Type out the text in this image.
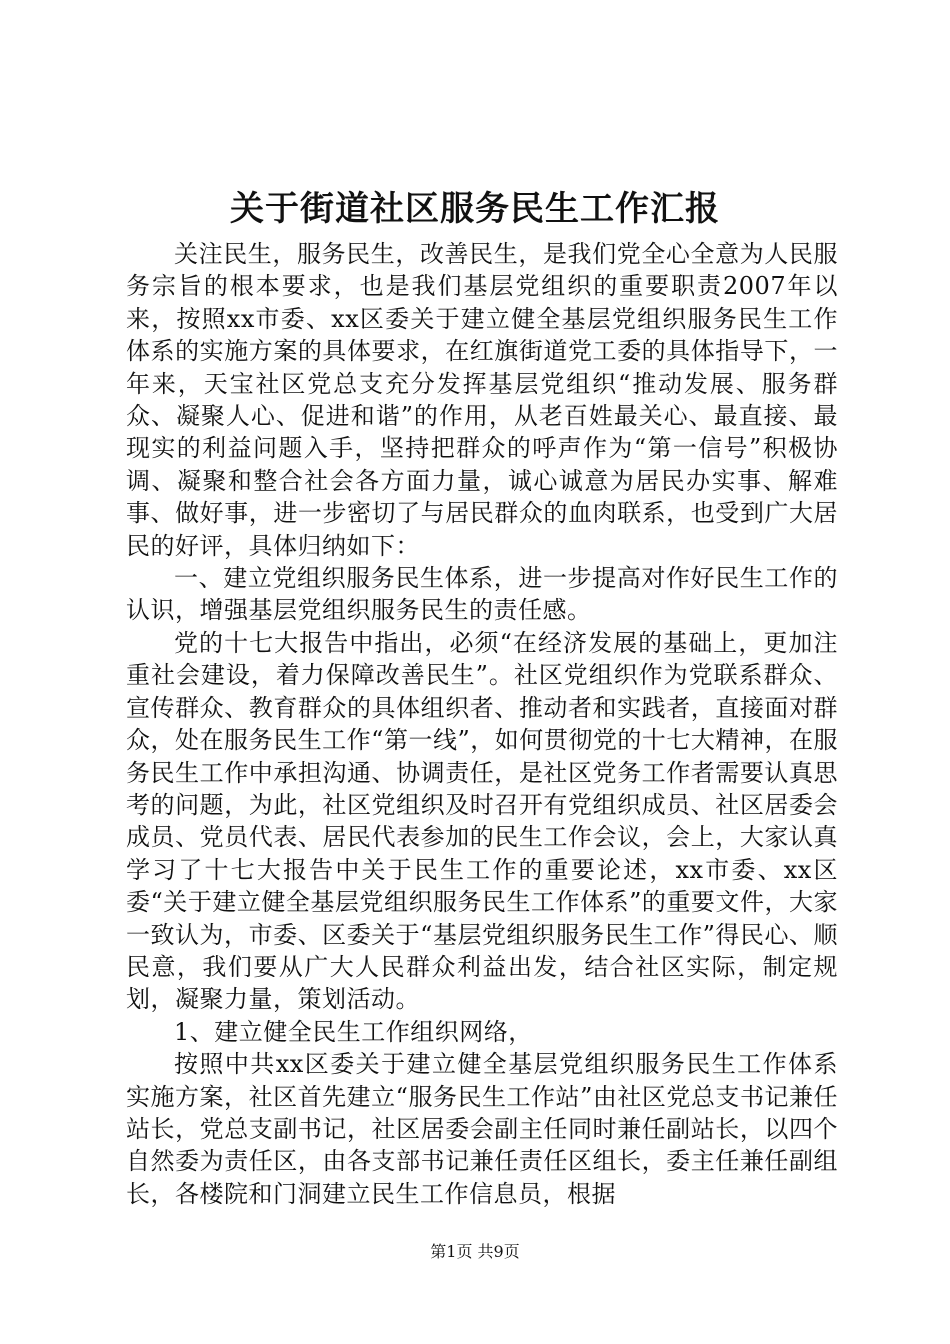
关于街道社区服务民生工作汇报

关注民生，服务民生，改善民生，是我们党全心全意为人民服务宗旨的根本要求，也是我们基层党组织的重要职责2007年以来，按照xx市委、xx区委关于建立健全基层党组织服务民生工作体系的实施方案的具体要求，在红旗街道党工委的具体指导下，一年来，天宝社区党总支充分发挥基层党组织“推动发展、服务群众、凝聚人心、促进和谐”的作用，从老百姓最关心、最直接、最现实的利益问题入手，坚持把群众的呼声作为“第一信号”积极协调、凝聚和整合社会各方面力量，诚心诚意为居民办实事、解难事、做好事，进一步密切了与居民群众的血肉联系，也受到广大居民的好评，具体归纳如下：

一、建立党组织服务民生体系，进一步提高对作好民生工作的认识，增强基层党组织服务民生的责任感。

党的十七大报告中指出，必须“在经济发展的基础上，更加注重社会建设，着力保障改善民生”。社区党组织作为党联系群众、宣传群众、教育群众的具体组织者、推动者和实践者，直接面对群众，处在服务民生工作“第一线”，如何贯彻党的十七大精神，在服务民生工作中承担沟通、协调责任，是社区党务工作者需要认真思考的问题，为此，社区党组织及时召开有党组织成员、社区居委会成员、党员代表、居民代表参加的民生工作会议，会上，大家认真学习了十七大报告中关于民生工作的重要论述，xx市委、xx区委“关于建立健全基层党组织服务民生工作体系”的重要文件，大家一致认为，市委、区委关于“基层党组织服务民生工作”得民心、顺民意，我们要从广大人民群众利益出发，结合社区实际，制定规划，凝聚力量，策划活动。

1、建立健全民生工作组织网络，

按照中共xx区委关于建立健全基层党组织服务民生工作体系实施方案，社区首先建立“服务民生工作站”由社区党总支书记兼任站长，党总支副书记，社区居委会副主任同时兼任副站长，以四个自然委为责任区，由各支部书记兼任责任区组长，委主任兼任副组长，各楼院和门洞建立民生工作信息员，根据

第1页 共9页
